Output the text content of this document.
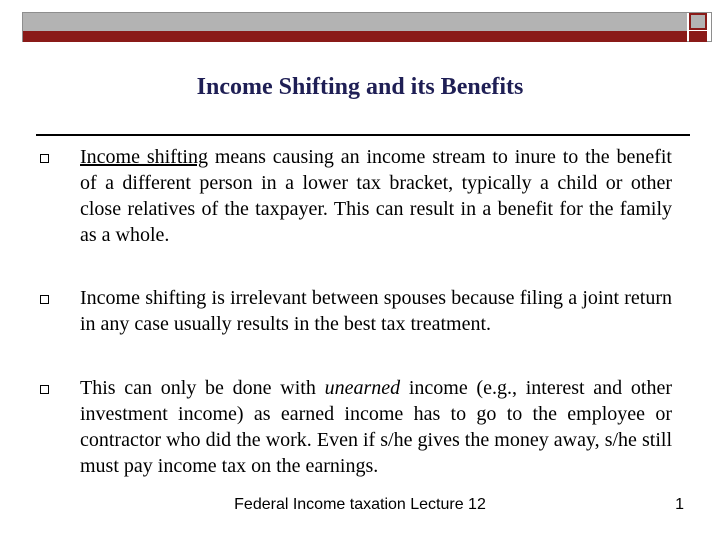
Income Shifting and its Benefits
Income shifting means causing an income stream to inure to the benefit of a different person in a lower tax bracket, typically a child or other close relatives of the taxpayer. This can result in a benefit for the family as a whole.
Income shifting is irrelevant between spouses because filing a joint return in any case usually results in the best tax treatment.
This can only be done with unearned income (e.g., interest and other investment income) as earned income has to go to the employee or contractor who did the work. Even if s/he gives the money away, s/he still must pay income tax on the earnings.
Federal Income taxation Lecture 12	1
